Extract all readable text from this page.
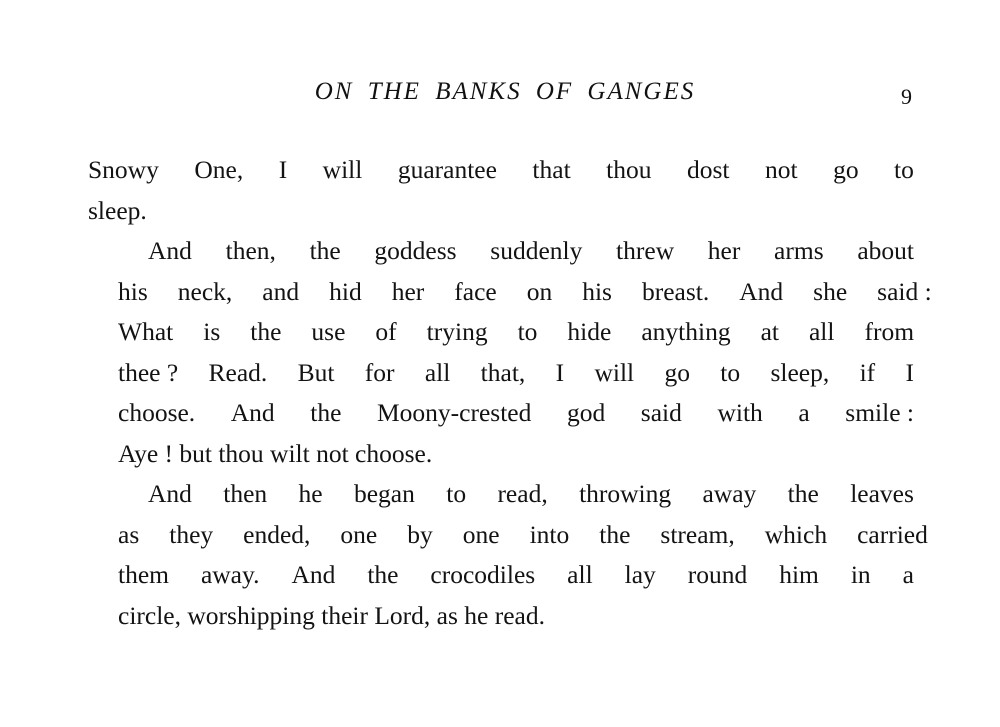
ON THE BANKS OF GANGES	9

Snowy One, I will guarantee that thou dost not go to
sleep.

And	then,	the	goddess	suddenly	threw	her	arms	about
his	neck,	and	hid	her	face	on	his	breast.	And	she	said :
What	is	the	use	of	trying	to	hide	anything	at	all	from
thee ?	Read.	But	for	all	that,	I	will	go	to	sleep,	if	I
choose.	And	the	Moony-crested	god	said	with	a	smile :
Aye ! but thou wilt not choose.

And	then	he	began	to	read,	throwing	away	the	leaves
as	they	ended,	one	by	one	into	the	stream,	which	carried
them	away.	And	the	crocodiles	all	lay	round	him	in	a
circle, worshipping their Lord, as he read.
